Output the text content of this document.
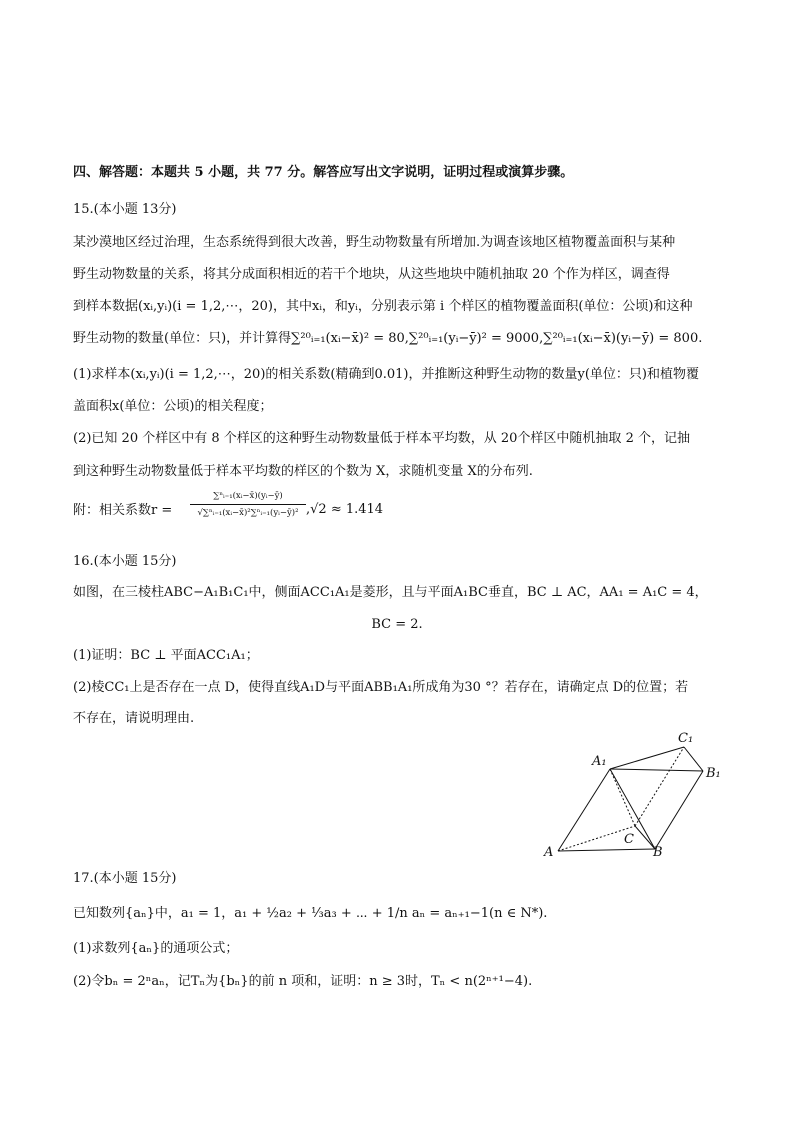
四、解答题：本题共 5 小题，共 77 分。解答应写出文字说明，证明过程或演算步骤。
15.(本小题 13分)
某沙漠地区经过治理，生态系统得到很大改善，野生动物数量有所增加.为调查该地区植物覆盖面积与某种
野生动物数量的关系，将其分成面积相近的若干个地块，从这些地块中随机抽取 20 个作为样区，调查得
到样本数据(xᵢ,yᵢ)(i = 1,2,⋯，20)，其中xᵢ，和yᵢ，分别表示第 i 个样区的植物覆盖面积(单位：公顷)和这种
野生动物的数量(单位：只)，并计算得∑²⁰ᵢ₌₁(xᵢ−x̄)² = 80,∑²⁰ᵢ₌₁(yᵢ−ȳ)² = 9000,∑²⁰ᵢ₌₁(xᵢ−x̄)(yᵢ−ȳ) = 800.
(1)求样本(xᵢ,yᵢ)(i = 1,2,⋯，20)的相关系数(精确到0.01)，并推断这种野生动物的数量y(单位：只)和植物覆
盖面积x(单位：公顷)的相关程度；
(2)已知 20 个样区中有 8 个样区的这种野生动物数量低于样本平均数，从 20个样区中随机抽取 2 个，记抽
到这种野生动物数量低于样本平均数的样区的个数为 X，求随机变量 X的分布列.
附：相关系数r =
∑ⁿᵢ₌₁(xᵢ−x̄)(yᵢ−ȳ)
√∑ⁿᵢ₌₁(xᵢ−x̄)²∑ⁿᵢ₌₁(yᵢ−ȳ)² ,√2 ≈ 1.414
16.(本小题 15分)
如图，在三棱柱ABC−A₁B₁C₁中，侧面ACC₁A₁是菱形，且与平面A₁BC垂直，BC ⊥ AC，AA₁ = A₁C = 4，
BC = 2.
(1)证明：BC ⊥ 平面ACC₁A₁；
(2)棱CC₁上是否存在一点 D，使得直线A₁D与平面ABB₁A₁所成角为30 °？若存在，请确定点 D的位置；若
不存在，请说明理由.
A	B
C
A₁
B₁
C₁
17.(本小题 15分)
已知数列{aₙ}中，a₁ = 1，a₁ + ½a₂ + ⅓a₃ + ⋯ + 1/n aₙ = aₙ₊₁−1(n ∈ N*).
(1)求数列{aₙ}的通项公式；
(2)令bₙ = 2ⁿaₙ，记Tₙ为{bₙ}的前 n 项和，证明：n ≥ 3时，Tₙ < n(2ⁿ⁺¹−4).
